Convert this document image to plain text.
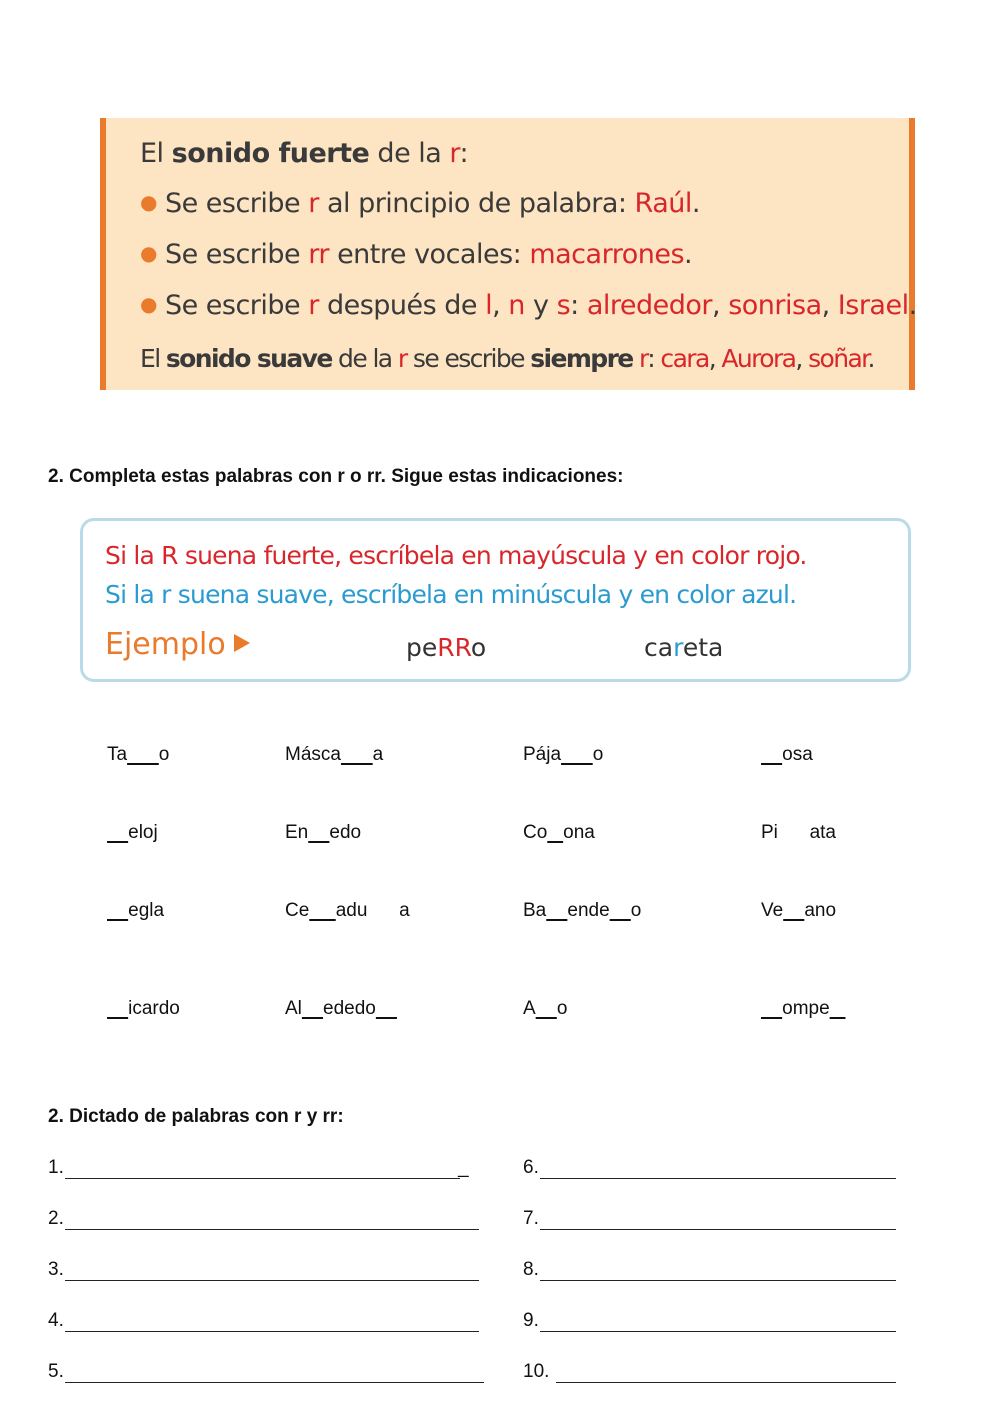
El sonido fuerte de la r:
● Se escribe r al principio de palabra: Raúl.
● Se escribe rr entre vocales: macarrones.
● Se escribe r después de l, n y s: alrededor, sonrisa, Israel.
El sonido suave de la r se escribe siempre r: cara, Aurora, soñar.
2. Completa estas palabras con r o rr. Sigue estas indicaciones:
Si la R suena fuerte, escríbela en mayúscula y en color rojo.
Si la r suena suave, escríbela en minúscula y en color azul.
Ejemplo	peRRo	careta
Ta o	Másca a	Pája o	osa
eloj	En edo	Co ona	Pi      ata
egla	Ce adu      a	Ba ende o	Ve ano
icardo	Al ededo	A o	ompe
2. Dictado de palabras con r y rr:
1.	_
2.
3.
4.
5.
6.
7.
8.
9.
10.
